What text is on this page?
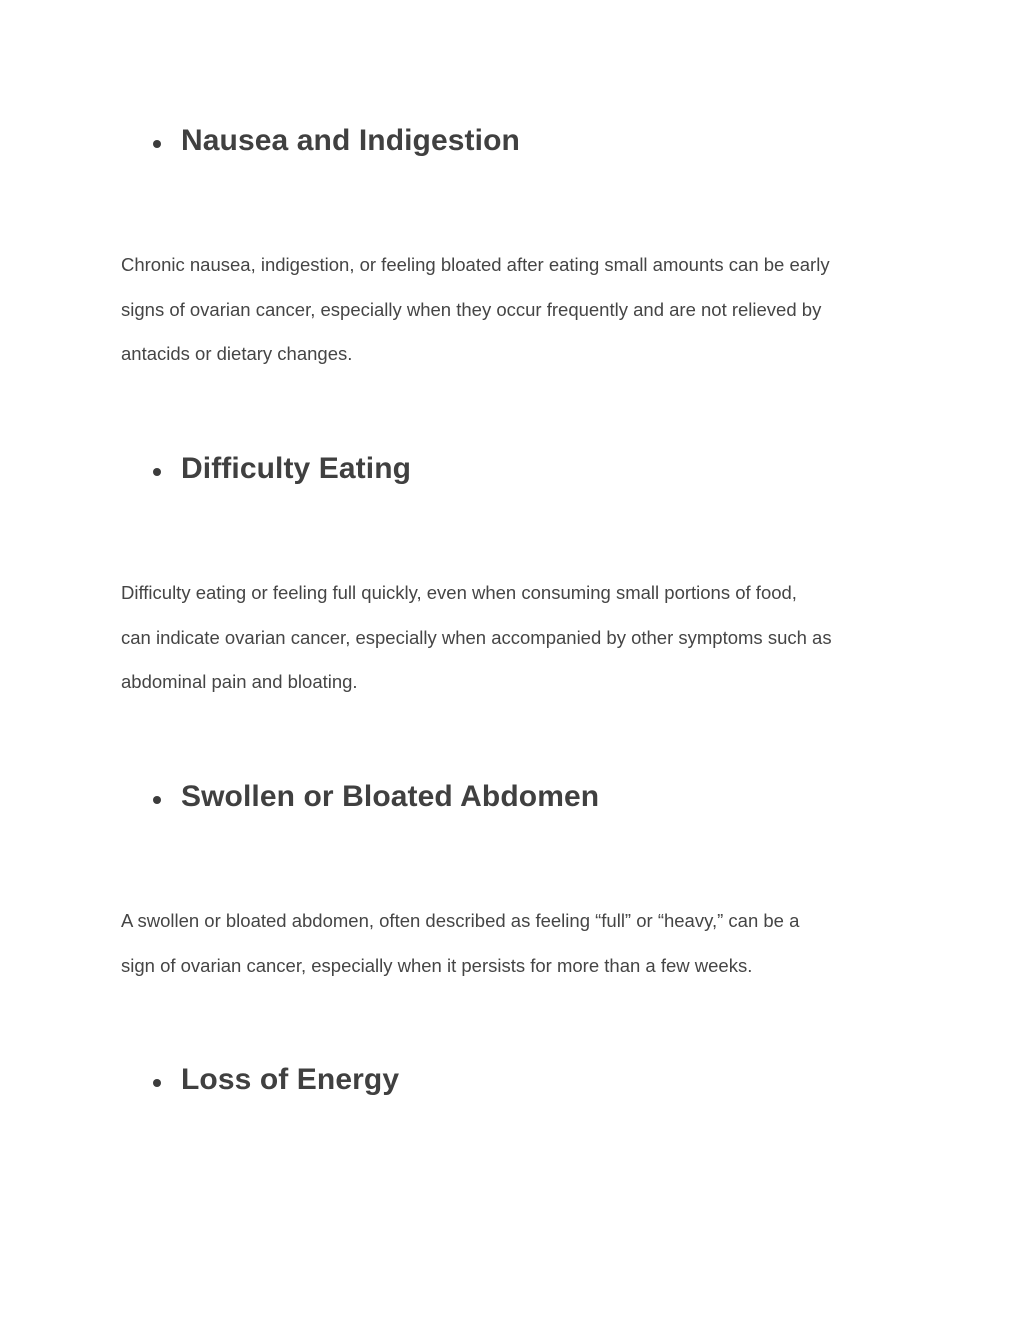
Nausea and Indigestion
Chronic nausea, indigestion, or feeling bloated after eating small amounts can be early
signs of ovarian cancer, especially when they occur frequently and are not relieved by
antacids or dietary changes.
Difficulty Eating
Difficulty eating or feeling full quickly, even when consuming small portions of food,
can indicate ovarian cancer, especially when accompanied by other symptoms such as
abdominal pain and bloating.
Swollen or Bloated Abdomen
A swollen or bloated abdomen, often described as feeling “full” or “heavy,” can be a
sign of ovarian cancer, especially when it persists for more than a few weeks.
Loss of Energy
